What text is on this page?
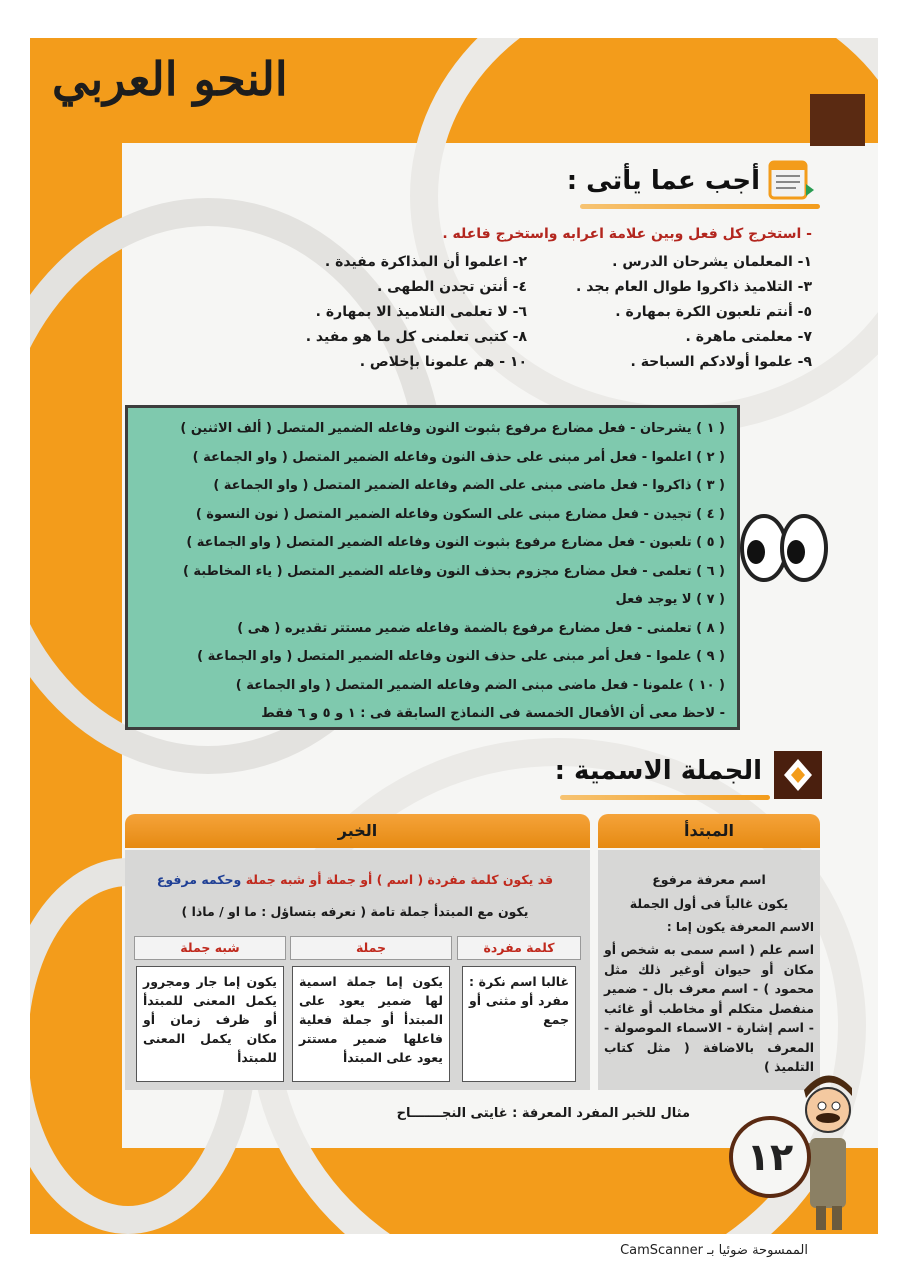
النحو العربي
أجب عما يأتى :
- استخرج كل فعل وبين علامة اعرابه واستخرج فاعله .
١- المعلمان يشرحان الدرس .
٢- اعلموا أن المذاكرة مفيدة .
٣- التلاميذ ذاكروا طوال العام بجد .
٤- أنتن تجدن الطهى .
٥- أنتم تلعبون الكرة بمهارة .
٦- لا تعلمى التلاميذ الا بمهارة .
٧- معلمتى ماهرة .
٨- كتبى تعلمنى كل ما هو مفيد .
٩- علموا أولادكم السباحة .
١٠ - هم علمونا بإخلاص .
( ١ ) يشرحان - فعل مضارع مرفوع بثبوت النون وفاعله الضمير المتصل ( ألف الاثنين )
( ٢ ) اعلموا - فعل أمر مبنى على حذف النون وفاعله الضمير المتصل ( واو الجماعة )
( ٣ ) ذاكروا - فعل ماضى مبنى على الضم وفاعله الضمير المتصل ( واو الجماعة )
( ٤ ) تجيدن - فعل مضارع مبنى على السكون وفاعله الضمير المتصل ( نون النسوة )
( ٥ ) تلعبون - فعل مضارع مرفوع بثبوت النون وفاعله الضمير المتصل ( واو الجماعة )
( ٦ ) تعلمى - فعل مضارع مجزوم بحذف النون وفاعله الضمير المتصل ( ياء المخاطبة )
( ٧ ) لا يوجد فعل
( ٨ ) تعلمنى - فعل مضارع مرفوع بالضمة وفاعله ضمير مستتر تقديره ( هى )
( ٩ ) علموا - فعل أمر مبنى على حذف النون وفاعله الضمير المتصل ( واو الجماعة )
( ١٠ ) علمونا - فعل ماضى مبنى الضم وفاعله الضمير المتصل ( واو الجماعة )
- لاحظ معى أن الأفعال الخمسة فى النماذج السابقة فى : ١ و ٥ و ٦ فقط
الجملة الاسمية :
المبتدأ
اسم معرفة مرفوع
يكون غالباً فى أول الجملة
الاسم المعرفة يكون إما :
اسم علم ( اسم سمى به شخص أو مكان أو حيوان أوغير ذلك مثل محمود ) - اسم معرف بال - ضمير منفصل متكلم أو مخاطب أو غائب - اسم إشارة - الاسماء الموصولة - المعرف بالاضافة ( مثل كتاب التلميذ )
الخبر
قد يكون كلمة مفردة ( اسم ) أو جملة أو شبه جملة وحكمه مرفوع
يكون مع المبتدأ جملة تامة ( نعرفه بتساؤل : ما او / ماذا )
كلمة مفردة
جملة
شبه جملة
غالبا اسم نكرة : مفرد أو مثنى أو جمع
يكون إما جملة اسمية لها ضمير يعود على المبتدأ أو جملة فعلية فاعلها ضمير مستتر يعود على المبتدأ
يكون إما جار ومجرور يكمل المعنى للمبتدأ أو ظرف زمان أو مكان يكمل المعنى للمبتدأ
مثال للخبر المفرد المعرفة : غايتى النجـــــــاح
١٢
الممسوحة ضوئيا بـ CamScanner
